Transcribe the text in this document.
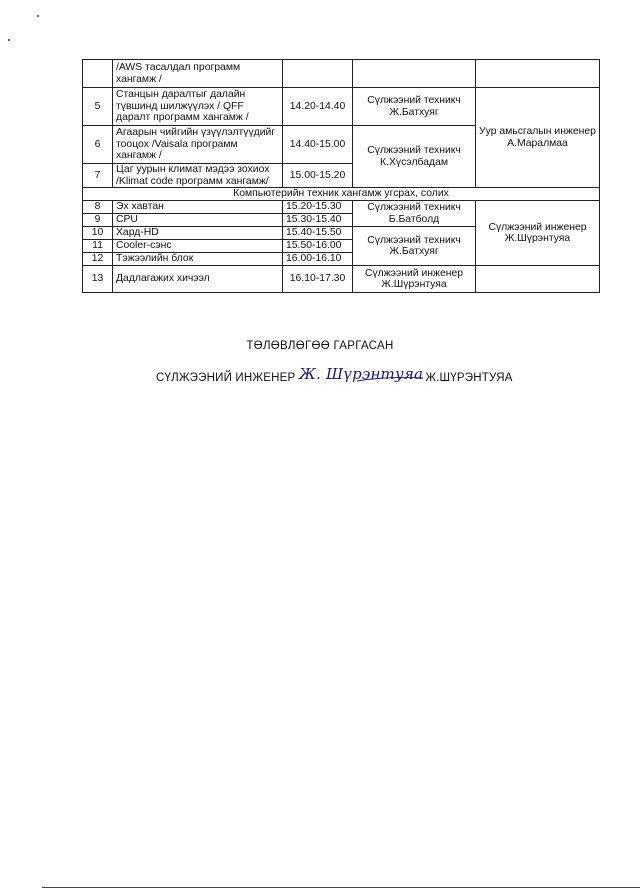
	/AWS тасалдал программ хангамж /			
5	Станцын даралтыг далайн түвшинд шилжүүлэх / QFF даралт программ хангамж /	14.20-14.40	Сүлжээний техникч Ж.Батхуяг	Уур амьсгалын инженер А.Маралмаа
6	Агаарын чийгийн үзүүлэлтүүдийг тооцох /Vaisala программ хангамж /	14.40-15.00	Сүлжээний техникч К.Хүсэлбадам	
7	Цаг уурын климат мэдээ зохиох /Klimat code программ хангамж/	15.00-15.20		
Компьютерийн техник хангамж угсрах, солих				
8	Эх хавтан	15.20-15.30	Сүлжээний техникч Б.Батболд	Сүлжээний инженер Ж.Шүрэнтуяа
9	CPU	15.30-15.40		
10	Хард-HD	15.40-15.50	Сүлжээний техникч Ж.Батхуяг	
11	Cooler-сэнс	15.50-16.00		
12	Тэжээлийн блок	16.00-16.10		
13	Дадлагажих хичээл	16.10-17.30	Сүлжээний инженер Ж.Шүрэнтуяа	
ТӨЛӨВЛӨГӨӨ ГАРГАСАН
СҮЛЖЭЭНИЙ ИНЖЕНЕР Ж. Шүрэнтуяа Ж.ШҮРЭНТУЯА
